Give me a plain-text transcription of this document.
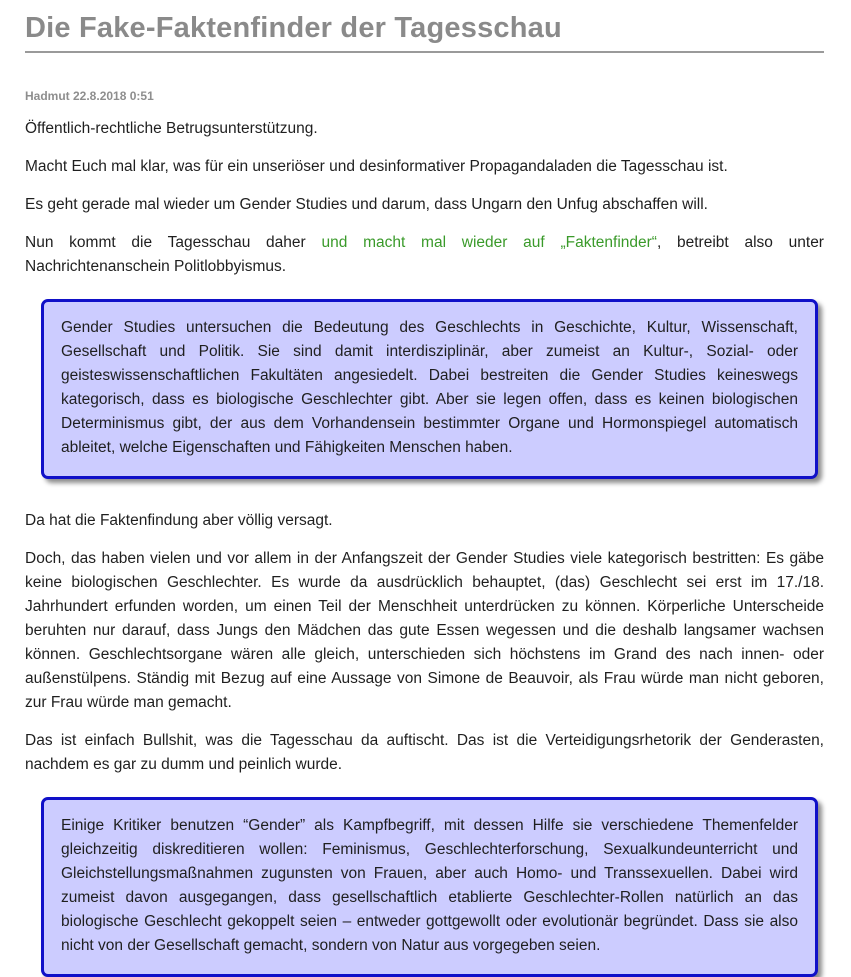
Die Fake-Faktenfinder der Tagesschau
Hadmut 22.8.2018 0:51

Öffentlich-rechtliche Betrugsunterstützung.

Macht Euch mal klar, was für ein unseriöser und desinformativer Propagandaladen die Tagesschau ist.

Es geht gerade mal wieder um Gender Studies und darum, dass Ungarn den Unfug abschaffen will.

Nun kommt die Tagesschau daher und macht mal wieder auf „Faktenfinder“, betreibt also unter Nachrichtenanschein Politlobbyismus.

Gender Studies untersuchen die Bedeutung des Geschlechts in Geschichte, Kultur, Wissenschaft, Gesellschaft und Politik. Sie sind damit interdisziplinär, aber zumeist an Kultur-, Sozial- oder geisteswissenschaftlichen Fakultäten angesiedelt. Dabei bestreiten die Gender Studies keineswegs kategorisch, dass es biologische Geschlechter gibt. Aber sie legen offen, dass es keinen biologischen Determinismus gibt, der aus dem Vorhandensein bestimmter Organe und Hormonspiegel automatisch ableitet, welche Eigenschaften und Fähigkeiten Menschen haben.

Da hat die Faktenfindung aber völlig versagt.

Doch, das haben vielen und vor allem in der Anfangszeit der Gender Studies viele kategorisch bestritten: Es gäbe keine biologischen Geschlechter. Es wurde da ausdrücklich behauptet, (das) Geschlecht sei erst im 17./18. Jahrhundert erfunden worden, um einen Teil der Menschheit unterdrücken zu können. Körperliche Unterscheide beruhten nur darauf, dass Jungs den Mädchen das gute Essen wegessen und die deshalb langsamer wachsen können. Geschlechtsorgane wären alle gleich, unterschieden sich höchstens im Grand des nach innen- oder außenstülpens. Ständig mit Bezug auf eine Aussage von Simone de Beauvoir, als Frau würde man nicht geboren, zur Frau würde man gemacht.

Das ist einfach Bullshit, was die Tagesschau da auftischt. Das ist die Verteidigungsrhetorik der Genderasten, nachdem es gar zu dumm und peinlich wurde.

Einige Kritiker benutzen “Gender” als Kampfbegriff, mit dessen Hilfe sie verschiedene Themenfelder gleichzeitig diskreditieren wollen: Feminismus, Geschlechterforschung, Sexualkundeunterricht und Gleichstellungsmaßnahmen zugunsten von Frauen, aber auch Homo- und Transsexuellen. Dabei wird zumeist davon ausgegangen, dass gesellschaftlich etablierte Geschlechter-Rollen natürlich an das biologische Geschlecht gekoppelt seien – entweder gottgewollt oder evolutionär begründet. Dass sie also nicht von der Gesellschaft gemacht, sondern von Natur aus vorgegeben seien.
